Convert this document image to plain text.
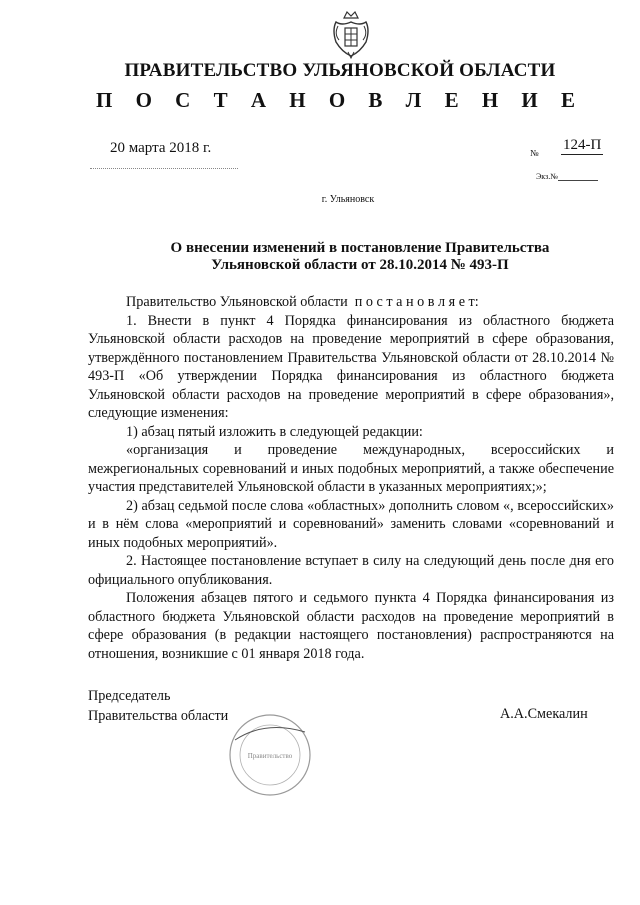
ПРАВИТЕЛЬСТВО УЛЬЯНОВСКОЙ ОБЛАСТИ
П О С Т А Н О В Л Е Н И Е
20 марта 2018 г.	№ 124-П
Экз.№
г. Ульяновск
О внесении изменений в постановление Правительства
Ульяновской области от 28.10.2014 № 493-П

Правительство Ульяновской области п о с т а н о в л я е т:

1. Внести в пункт 4 Порядка финансирования из областного бюджета Ульяновской области расходов на проведение мероприятий в сфере образования, утверждённого постановлением Правительства Ульяновской области от 28.10.2014 № 493-П «Об утверждении Порядка финансирования из областного бюджета Ульяновской области расходов на проведение мероприятий в сфере образования», следующие изменения:

1) абзац пятый изложить в следующей редакции:

«организация и проведение международных, всероссийских и межрегиональных соревнований и иных подобных мероприятий, а также обеспечение участия представителей Ульяновской области в указанных мероприятиях;»;

2) абзац седьмой после слова «областных» дополнить словом «, всероссийских» и в нём слова «мероприятий и соревнований» заменить словами «соревнований и иных подобных мероприятий».

2. Настоящее постановление вступает в силу на следующий день после дня его официального опубликования.

Положения абзацев пятого и седьмого пункта 4 Порядка финансирования из областного бюджета Ульяновской области расходов на проведение мероприятий в сфере образования (в редакции настоящего постановления) распространяются на отношения, возникшие с 01 января 2018 года.

Председатель
Правительства области
Правительство
А.А.Смекалин
